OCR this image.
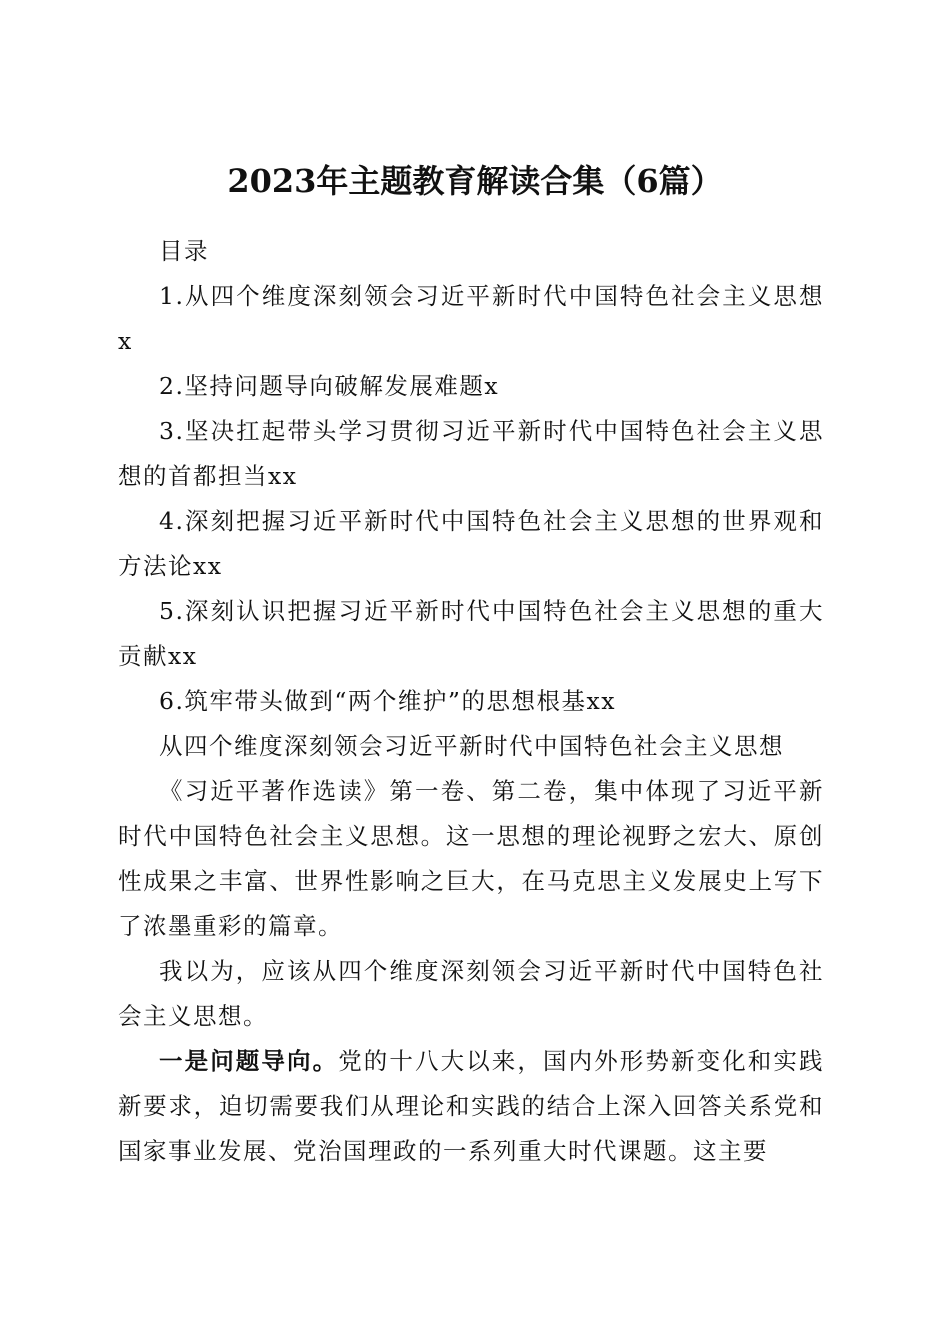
2023年主题教育解读合集（6篇）

目录

1.从四个维度深刻领会习近平新时代中国特色社会主义思想x

2.坚持问题导向破解发展难题x

3.坚决扛起带头学习贯彻习近平新时代中国特色社会主义思想的首都担当xx

4.深刻把握习近平新时代中国特色社会主义思想的世界观和方法论xx

5.深刻认识把握习近平新时代中国特色社会主义思想的重大贡献xx

6.筑牢带头做到“两个维护”的思想根基xx

从四个维度深刻领会习近平新时代中国特色社会主义思想

《习近平著作选读》第一卷、第二卷，集中体现了习近平新时代中国特色社会主义思想。这一思想的理论视野之宏大、原创性成果之丰富、世界性影响之巨大，在马克思主义发展史上写下了浓墨重彩的篇章。

我以为，应该从四个维度深刻领会习近平新时代中国特色社会主义思想。

一是问题导向。党的十八大以来，国内外形势新变化和实践新要求，迫切需要我们从理论和实践的结合上深入回答关系党和国家事业发展、党治国理政的一系列重大时代课题。这主要
